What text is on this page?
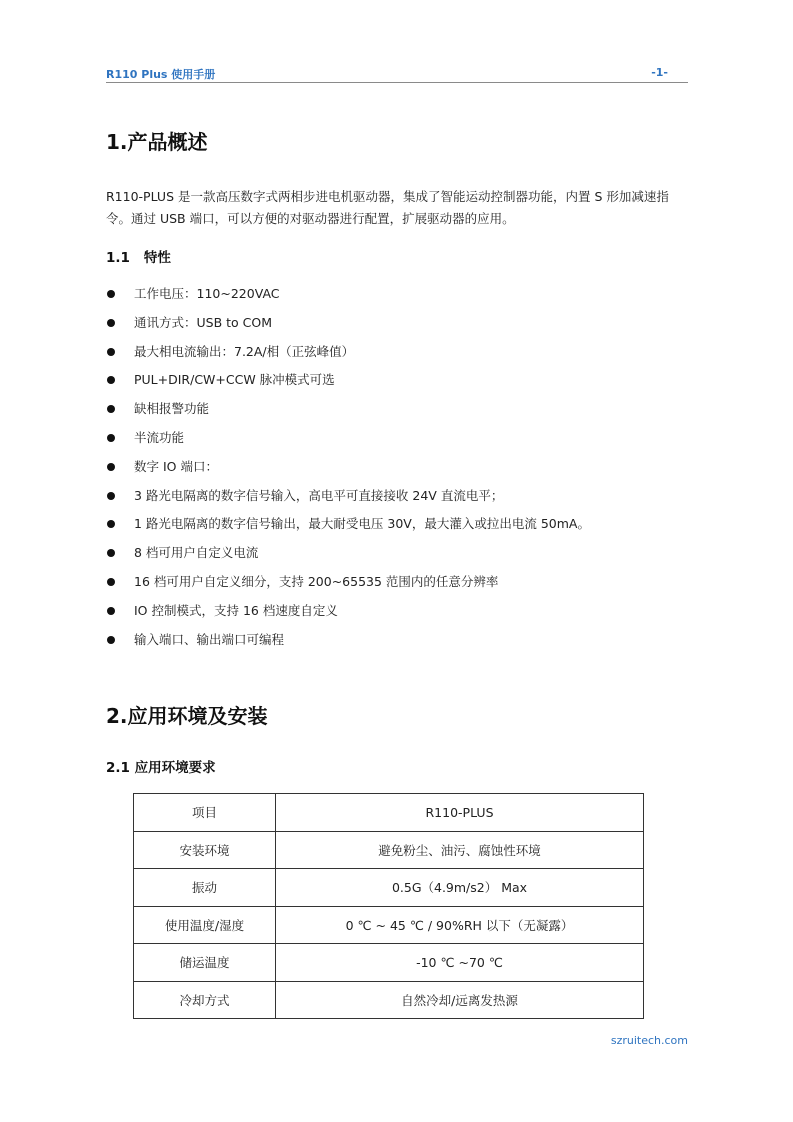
R110 Plus 使用手册	-1-
1.产品概述

R110-PLUS 是一款高压数字式两相步进电机驱动器，集成了智能运动控制器功能，内置 S 形加减速指令。通过 USB 端口，可以方便的对驱动器进行配置，扩展驱动器的应用。

1.1 特性
工作电压：110~220VAC
通讯方式：USB to COM
最大相电流输出：7.2A/相（正弦峰值）
PUL+DIR/CW+CCW 脉冲模式可选
缺相报警功能
半流功能
数字 IO 端口：
3 路光电隔离的数字信号输入，高电平可直接接收 24V 直流电平；
1 路光电隔离的数字信号输出，最大耐受电压 30V，最大灌入或拉出电流 50mA。
8 档可用户自定义电流
16 档可用户自定义细分，支持 200~65535 范围内的任意分辨率
IO 控制模式，支持 16 档速度自定义
输入端口、输出端口可编程
2.应用环境及安装
2.1 应用环境要求
项目	R110-PLUS
安装环境	避免粉尘、油污、腐蚀性环境
振动	0.5G（4.9m/s2） Max
使用温度/湿度	0 ℃ ~ 45 ℃ / 90%RH 以下（无凝露）
储运温度	-10 ℃ ~70 ℃
冷却方式	自然冷却/远离发热源
szruitech.com
